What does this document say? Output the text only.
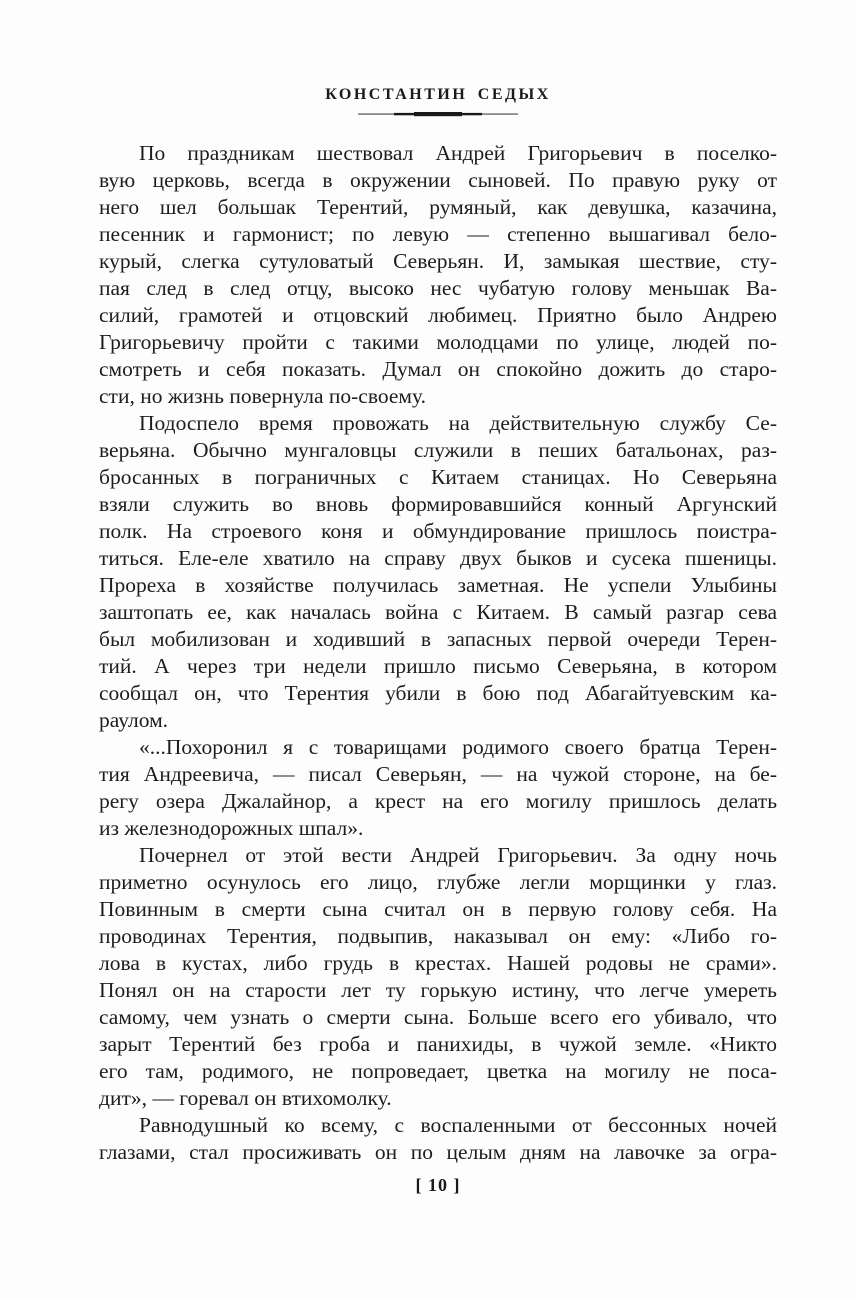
КОНСТАНТИН СЕДЫХ
По праздникам шествовал Андрей Григорьевич в поселко-
вую церковь, всегда в окружении сыновей. По правую руку от
него шел большак Терентий, румяный, как девушка, казачина,
песенник и гармонист; по левую — степенно вышагивал бело-
курый, слегка сутуловатый Северьян. И, замыкая шествие, сту-
пая след в след отцу, высоко нес чубатую голову меньшак Ва-
силий, грамотей и отцовский любимец. Приятно было Андрею
Григорьевичу пройти с такими молодцами по улице, людей по-
смотреть и себя показать. Думал он спокойно дожить до старо-
сти, но жизнь повернула по-своему.
Подоспело время провожать на действительную службу Се-
верьяна. Обычно мунгаловцы служили в пеших батальонах, раз-
бросанных в пограничных с Китаем станицах. Но Северьяна
взяли служить во вновь формировавшийся конный Аргунский
полк. На строевого коня и обмундирование пришлось поистра-
титься. Еле-еле хватило на справу двух быков и сусека пшеницы.
Прореха в хозяйстве получилась заметная. Не успели Улыбины
заштопать ее, как началась война с Китаем. В самый разгар сева
был мобилизован и ходивший в запасных первой очереди Терен-
тий. А через три недели пришло письмо Северьяна, в котором
сообщал он, что Терентия убили в бою под Абагайтуевским ка-
раулом.
«...Похоронил я с товарищами родимого своего братца Терен-
тия Андреевича, — писал Северьян, — на чужой стороне, на бе-
регу озера Джалайнор, а крест на его могилу пришлось делать
из железнодорожных шпал».
Почернел от этой вести Андрей Григорьевич. За одну ночь
приметно осунулось его лицо, глубже легли морщинки у глаз.
Повинным в смерти сына считал он в первую голову себя. На
проводинах Терентия, подвыпив, наказывал он ему: «Либо го-
лова в кустах, либо грудь в крестах. Нашей родовы не срами».
Понял он на старости лет ту горькую истину, что легче умереть
самому, чем узнать о смерти сына. Больше всего его убивало, что
зарыт Терентий без гроба и панихиды, в чужой земле. «Никто
его там, родимого, не попроведает, цветка на могилу не поса-
дит», — горевал он втихомолку.
Равнодушный ко всему, с воспаленными от бессонных ночей
глазами, стал просиживать он по целым дням на лавочке за огра-
[ 10 ]
